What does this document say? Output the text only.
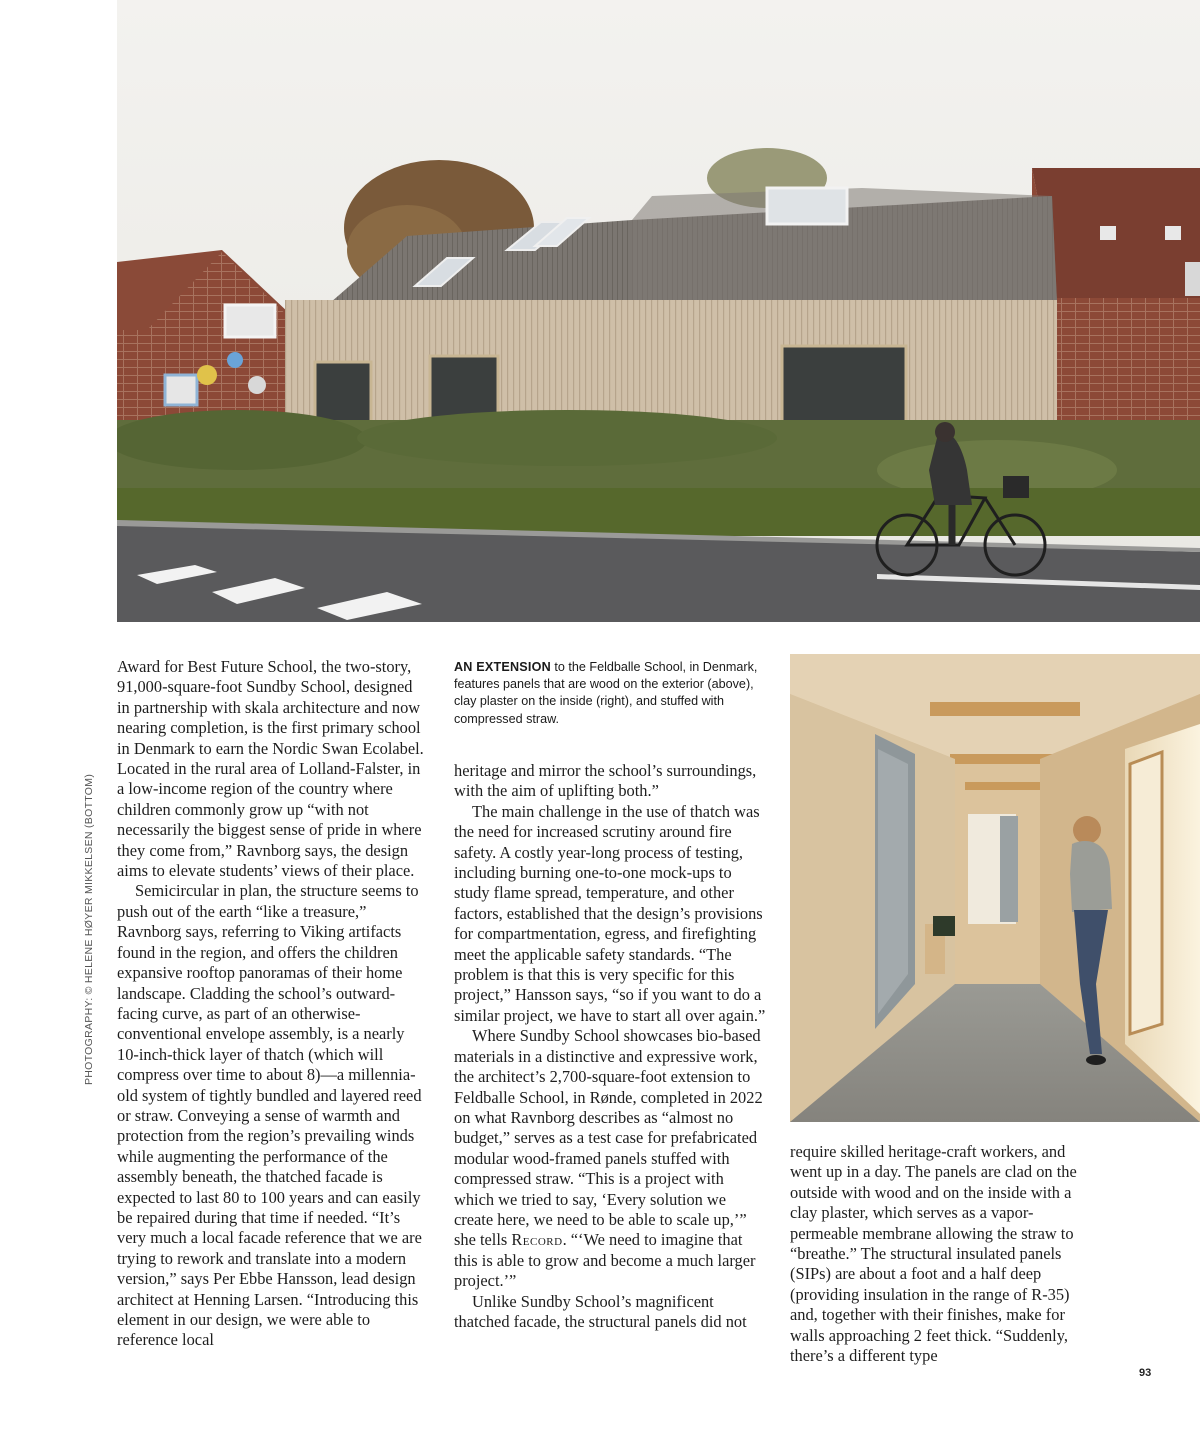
PHOTOGRAPHY: © HELENE HØYER MIKKELSEN (BOTTOM)

Award for Best Future School, the two-story, 91,000-square-foot Sundby School, designed in partnership with skala architecture and now nearing completion, is the first primary school in Denmark to earn the Nordic Swan Ecolabel. Located in the rural area of Lolland-Falster, in a low-income region of the country where children commonly grow up “with not necessarily the biggest sense of pride in where they come from,” Ravnborg says, the design aims to elevate students’ views of their place.

Semicircular in plan, the structure seems to push out of the earth “like a treasure,” Ravnborg says, referring to Viking artifacts found in the region, and offers the children expansive rooftop panoramas of their home landscape. Cladding the school’s outward-facing curve, as part of an otherwise-conventional envelope assembly, is a nearly 10-inch-thick layer of thatch (which will compress over time to about 8)—a millennia-old system of tightly bundled and layered reed or straw. Conveying a sense of warmth and protection from the region’s prevailing winds while augmenting the performance of the assembly beneath, the thatched facade is expected to last 80 to 100 years and can easily be repaired during that time if needed. “It’s very much a local facade reference that we are trying to rework and translate into a modern version,” says Per Ebbe Hansson, lead design architect at Henning Larsen. “Introducing this element in our design, we were able to reference local

AN EXTENSION to the Feldballe School, in Denmark, features panels that are wood on the exterior (above), clay plaster on the inside (right), and stuffed with compressed straw.

heritage and mirror the school’s surroundings, with the aim of uplifting both.”

The main challenge in the use of thatch was the need for increased scrutiny around fire safety. A costly year-long process of testing, including burning one-to-one mock-ups to study flame spread, temperature, and other factors, established that the design’s provisions for compartmentation, egress, and firefighting meet the applicable safety standards. “The problem is that this is very specific for this project,” Hansson says, “so if you want to do a similar project, we have to start all over again.”

Where Sundby School showcases bio-based materials in a distinctive and expressive work, the architect’s 2,700-square-foot extension to Feldballe School, in Rønde, completed in 2022 on what Ravnborg describes as “almost no budget,” serves as a test case for prefabricated modular wood-framed panels stuffed with compressed straw. “This is a project with which we tried to say, ‘Every solution we create here, we need to be able to scale up,’” she tells Record. “‘We need to imagine that this is able to grow and become a much larger project.’”

Unlike Sundby School’s magnificent thatched facade, the structural panels did not

require skilled heritage-craft workers, and went up in a day. The panels are clad on the outside with wood and on the inside with a clay plaster, which serves as a vapor-permeable membrane allowing the straw to “breathe.” The structural insulated panels (SIPs) are about a foot and a half deep (providing insulation in the range of R-35) and, together with their finishes, make for walls approaching 2 feet thick. “Suddenly, there’s a different type

93
